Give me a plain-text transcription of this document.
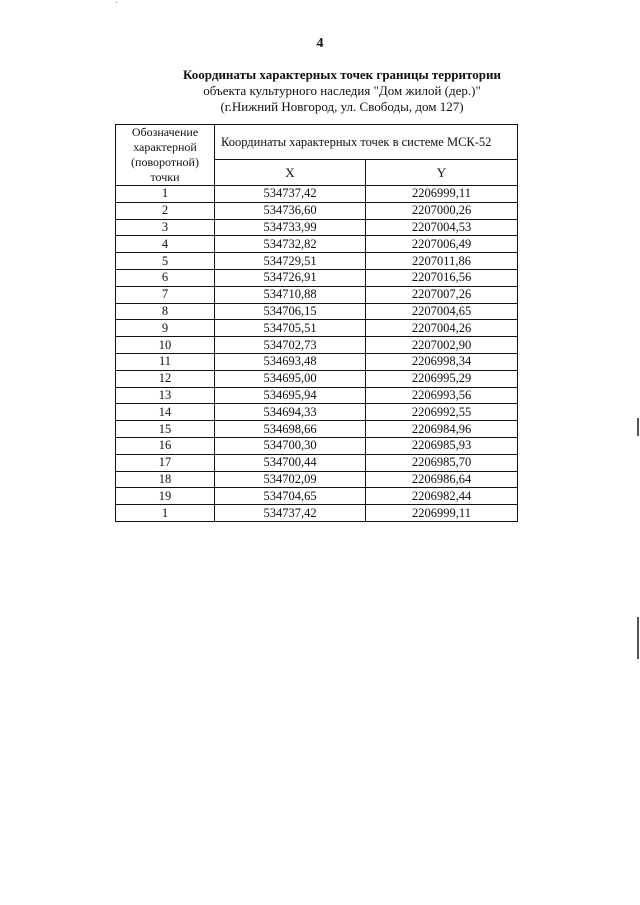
4
Координаты характерных точек границы территории
объекта культурного наследия "Дом жилой (дер.)"
(г.Нижний Новгород, ул. Свободы, дом 127)
Обозначение характерной (поворотной) точки	Координаты характерных точек в системе МСК-52	
	X	Y
1	534737,42	2206999,11
2	534736,60	2207000,26
3	534733,99	2207004,53
4	534732,82	2207006,49
5	534729,51	2207011,86
6	534726,91	2207016,56
7	534710,88	2207007,26
8	534706,15	2207004,65
9	534705,51	2207004,26
10	534702,73	2207002,90
11	534693,48	2206998,34
12	534695,00	2206995,29
13	534695,94	2206993,56
14	534694,33	2206992,55
15	534698,66	2206984,96
16	534700,30	2206985,93
17	534700,44	2206985,70
18	534702,09	2206986,64
19	534704,65	2206982,44
1	534737,42	2206999,11
